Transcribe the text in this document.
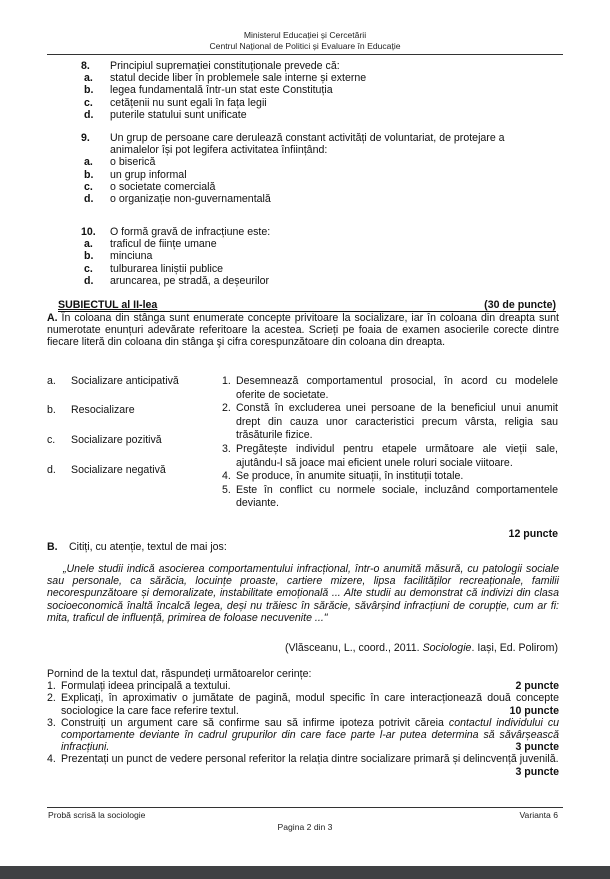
Ministerul Educației și Cercetării
Centrul Național de Politici și Evaluare în Educație
8.	Principiul supremației constituționale prevede că:
a.	statul decide liber în problemele sale interne și externe
b.	legea fundamentală într-un stat este Constituția
c.	cetățenii nu sunt egali în fața legii
d.	puterile statului sunt unificate
9.	Un grup de persoane care derulează constant activități de voluntariat, de protejare a animalelor își pot legifera activitatea înființând:
a.	o biserică
b.	un grup informal
c.	o societate comercială
d.	o organizație non-guvernamentală
10.	O formă gravă de infracțiune este:
a.	traficul de ființe umane
b.	minciuna
c.	tulburarea liniștii publice
d.	aruncarea, pe stradă, a deșeurilor
SUBIECTUL al II-lea	(30 de puncte)
A. În coloana din stânga sunt enumerate concepte privitoare la socializare, iar în coloana din dreapta sunt numerotate enunțuri adevărate referitoare la acestea. Scrieți pe foaia de examen asocierile corecte dintre fiecare literă din coloana din stânga şi cifra corespunzătoare din coloana din dreapta.
a. Socializare anticipativă
b. Resocializare
c. Socializare pozitivă
d. Socializare negativă
1. Desemnează comportamentul prosocial, în acord cu modelele oferite de societate.
2. Constă în excluderea unei persoane de la beneficiul unui anumit drept din cauza unor caracteristici precum vârsta, religia sau trăsăturile fizice.
3. Pregătește individul pentru etapele următoare ale vieții sale, ajutându-l să joace mai eficient unele roluri sociale viitoare.
4. Se produce, în anumite situații, în instituții totale.
5. Este în conflict cu normele sociale, incluzând comportamentele deviante.
12 puncte
B. Citiți, cu atenție, textul de mai jos:
„Unele studii indică asocierea comportamentului infracțional, într-o anumită măsură, cu patologii sociale sau personale, ca sărăcia, locuințe proaste, cartiere mizere, lipsa facilităților recreaționale, familii necorespunzătoare și demoralizate, instabilitate emoțională ... Alte studii au demonstrat că indivizi din clasa socioeconomică înaltă încalcă legea, deși nu trăiesc în sărăcie, săvârșind infracțiuni de corupție, cum ar fi: mita, traficul de influență, primirea de foloase necuvenite ..."
(Vlăsceanu, L., coord., 2011. Sociologie. Iași, Ed. Polirom)
Pornind de la textul dat, răspundeți următoarelor cerințe:
1. Formulați ideea principală a textului.	2 puncte
2. Explicați, în aproximativ o jumătate de pagină, modul specific în care interacționează două concepte sociologice la care face referire textul.	10 puncte
3. Construiți un argument care să confirme sau să infirme ipoteza potrivit căreia contactul individului cu comportamente deviante în cadrul grupurilor din care face parte l-ar putea determina să săvârșească infracțiuni.	3 puncte
4. Prezentați un punct de vedere personal referitor la relația dintre socializare primară și delincvență juvenilă.
3 puncte
Probă scrisă la sociologie	Varianta 6
Pagina 2 din 3
